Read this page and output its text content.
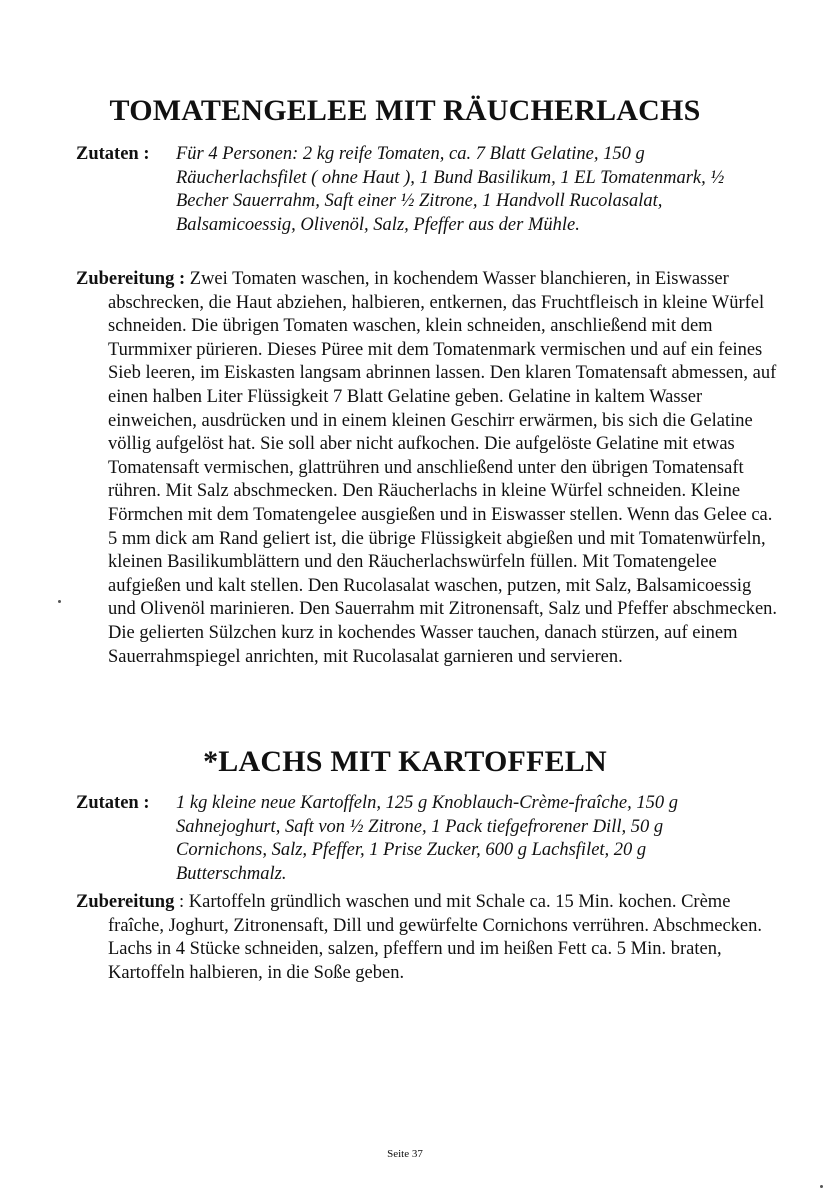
TOMATENGELEE MIT RÄUCHERLACHS
Zutaten :	Für 4 Personen: 2 kg reife Tomaten, ca. 7 Blatt Gelatine, 150 g Räucherlachsfilet ( ohne Haut ), 1 Bund Basilikum, 1 EL Tomatenmark, ½ Becher Sauerrahm, Saft einer ½ Zitrone, 1 Handvoll Rucolasalat, Balsamicoessig, Olivenöl, Salz, Pfeffer aus der Mühle.
Zubereitung : Zwei Tomaten waschen, in kochendem Wasser blanchieren, in Eiswasser abschrecken, die Haut abziehen, halbieren, entkernen, das Fruchtfleisch in kleine Würfel schneiden. Die übrigen Tomaten waschen, klein schneiden, anschließend mit dem Turmmixer pürieren. Dieses Püree mit dem Tomatenmark vermischen und auf ein feines Sieb leeren, im Eiskasten langsam abrinnen lassen. Den klaren Tomatensaft abmessen, auf einen halben Liter Flüssigkeit 7 Blatt Gelatine geben. Gelatine in kaltem Wasser einweichen, ausdrücken und in einem kleinen Geschirr erwärmen, bis sich die Gelatine völlig aufgelöst hat. Sie soll aber nicht aufkochen. Die aufgelöste Gelatine mit etwas Tomatensaft vermischen, glattrühren und anschließend unter den übrigen Tomatensaft rühren. Mit Salz abschmecken. Den Räucherlachs in kleine Würfel schneiden. Kleine Förmchen mit dem Tomatengelee ausgießen und in Eiswasser stellen. Wenn das Gelee ca. 5 mm dick am Rand geliert ist, die übrige Flüssigkeit abgießen und mit Tomatenwürfeln, kleinen Basilikumblättern und den Räucherlachswürfeln füllen. Mit Tomatengelee aufgießen und kalt stellen. Den Rucolasalat waschen, putzen, mit Salz, Balsamicoessig und Olivenöl marinieren. Den Sauerrahm mit Zitronensaft, Salz und Pfeffer abschmecken. Die gelierten Sülzchen kurz in kochendes Wasser tauchen, danach stürzen, auf einem Sauerrahmspiegel anrichten, mit Rucolasalat garnieren und servieren.
*LACHS MIT KARTOFFELN
Zutaten :	1 kg kleine neue Kartoffeln, 125 g Knoblauch-Crème-fraîche, 150 g Sahnejoghurt, Saft von ½ Zitrone, 1 Pack tiefgefrorener Dill, 50 g Cornichons, Salz, Pfeffer, 1 Prise Zucker, 600 g Lachsfilet, 20 g Butterschmalz.
Zubereitung : Kartoffeln gründlich waschen und mit Schale ca. 15 Min. kochen. Crème fraîche, Joghurt, Zitronensaft, Dill und gewürfelte Cornichons verrühren. Abschmecken. Lachs in 4 Stücke schneiden, salzen, pfeffern und im heißen Fett ca. 5 Min. braten, Kartoffeln halbieren, in die Soße geben.
Seite 37
